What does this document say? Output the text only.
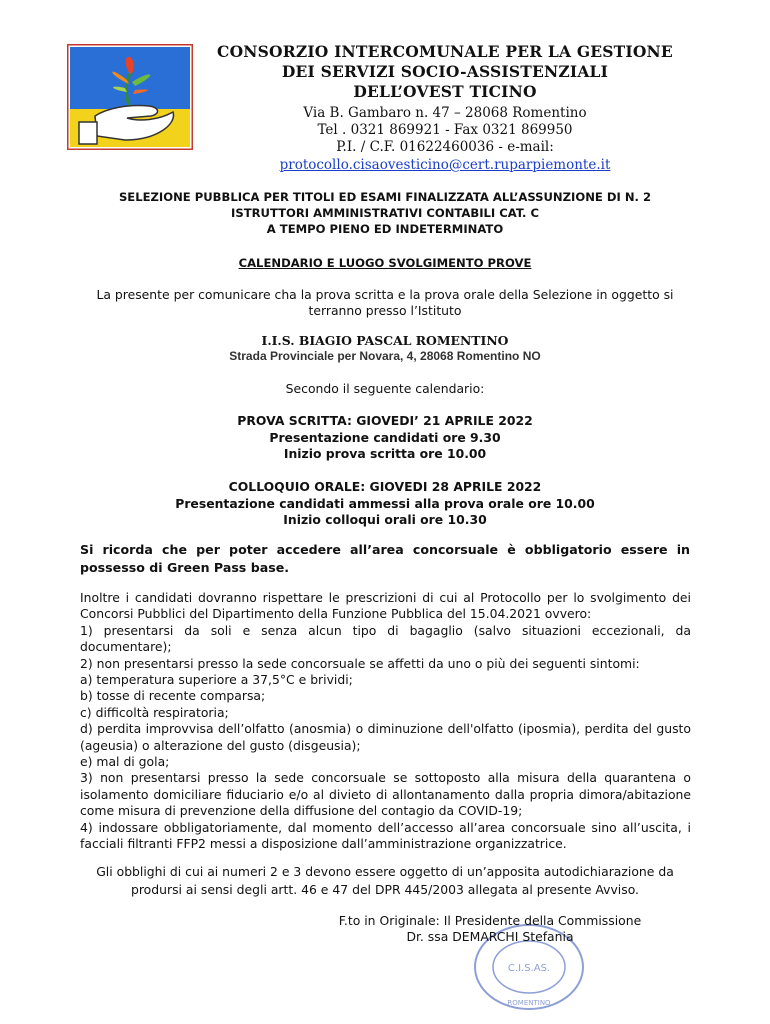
CONSORZIO INTERCOMUNALE PER LA GESTIONE
DEI SERVIZI SOCIO-ASSISTENZIALI
DELL’OVEST TICINO
Via B. Gambaro n. 47 – 28068 Romentino
Tel . 0321 869921 - Fax 0321 869950
P.I. / C.F. 01622460036 - e-mail:
protocollo.cisaovesticino@cert.ruparpiemonte.it
SELEZIONE PUBBLICA PER TITOLI ED ESAMI FINALIZZATA ALL’ASSUNZIONE DI N. 2
ISTRUTTORI AMMINISTRATIVI CONTABILI CAT. C
A TEMPO PIENO ED INDETERMINATO
CALENDARIO E LUOGO SVOLGIMENTO PROVE
La presente per comunicare cha la prova scritta e la prova orale della Selezione in oggetto si terranno presso l’Istituto
I.I.S. BIAGIO PASCAL ROMENTINO
Strada Provinciale per Novara, 4, 28068 Romentino NO
Secondo il seguente calendario:
PROVA SCRITTA: GIOVEDI’ 21 APRILE 2022
Presentazione candidati ore 9.30
Inizio prova scritta ore 10.00
COLLOQUIO ORALE: GIOVEDI 28 APRILE 2022
Presentazione candidati ammessi alla prova orale ore 10.00
Inizio colloqui orali ore 10.30
Si ricorda che per poter accedere all’area concorsuale è obbligatorio essere in possesso di Green Pass base.

Inoltre i candidati dovranno rispettare le prescrizioni di cui al Protocollo per lo svolgimento dei Concorsi Pubblici del Dipartimento della Funzione Pubblica del 15.04.2021 ovvero:

1) presentarsi da soli e senza alcun tipo di bagaglio (salvo situazioni eccezionali, da documentare);

2) non presentarsi presso la sede concorsuale se affetti da uno o più dei seguenti sintomi:

a) temperatura superiore a 37,5°C e brividi;

b) tosse di recente comparsa;

c) difficoltà respiratoria;

d) perdita improvvisa dell’olfatto (anosmia) o diminuzione dell'olfatto (iposmia), perdita del gusto (ageusia) o alterazione del gusto (disgeusia);

e) mal di gola;

3) non presentarsi presso la sede concorsuale se sottoposto alla misura della quarantena o isolamento domiciliare fiduciario e/o al divieto di allontanamento dalla propria dimora/abitazione come misura di prevenzione della diffusione del contagio da COVID-19;

4) indossare obbligatoriamente, dal momento dell’accesso all’area concorsuale sino all’uscita, i facciali filtranti FFP2 messi a disposizione dall’amministrazione organizzatrice.

Gli obblighi di cui ai numeri 2 e 3 devono essere oggetto di un’apposita autodichiarazione da prodursi ai sensi degli artt. 46 e 47 del DPR 445/2003 allegata al presente Avviso.
C.I.S.AS.
ROMENTINO
F.to in Originale: Il Presidente della Commissione
Dr. ssa DEMARCHI Stefania
